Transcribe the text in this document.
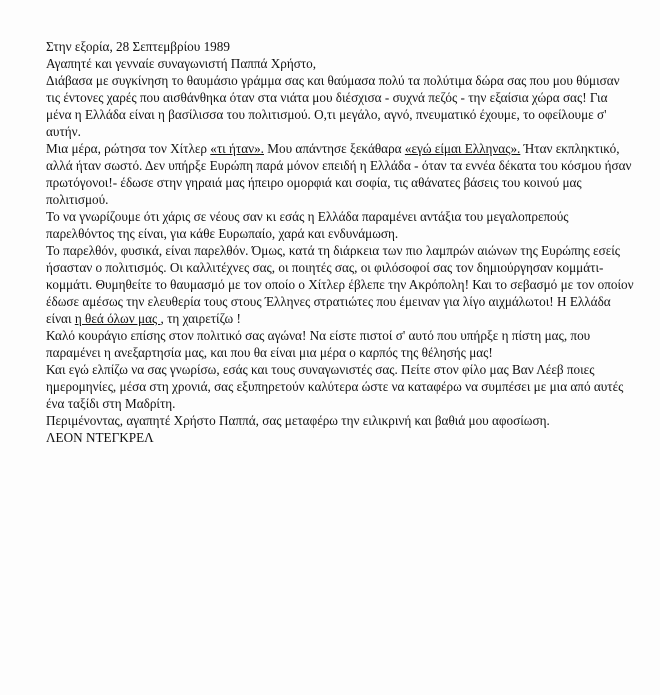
Στην εξορία, 28 Σεπτεμβρίου 1989

Αγαπητέ και γενναίε συναγωνιστή Παππά Χρήστο,

Διάβασα με συγκίνηση το θαυμάσιο γράμμα σας και θαύμασα πολύ τα πολύτιμα δώρα σας που μου θύμισαν τις έντονες χαρές που αισθάνθηκα όταν στα νιάτα μου διέσχισα - συχνά πεζός - την εξαίσια χώρα σας! Για μένα η Ελλάδα είναι η βασίλισσα του πολιτισμού. Ο,τι μεγάλο, αγνό, πνευματικό έχουμε, το οφείλουμε σ' αυτήν.

Μια μέρα, ρώτησα τον Χίτλερ «τι ήταν». Μου απάντησε ξεκάθαρα «εγώ είμαι Ελληνας». Ήταν εκπληκτικό, αλλά ήταν σωστό. Δεν υπήρξε Ευρώπη παρά μόνον επειδή η Ελλάδα - όταν τα εννέα δέκατα του κόσμου ήσαν πρωτόγονοι!- έδωσε στην γηραιά μας ήπειρο ομορφιά και σοφία, τις αθάνατες βάσεις του κοινού μας πολιτισμού.

Το να γνωρίζουμε ότι χάρις σε νέους σαν κι εσάς η Ελλάδα παραμένει αντάξια του μεγαλοπρεπούς παρελθόντος της είναι, για κάθε Ευρωπαίο, χαρά και ενδυνάμωση.

Το παρελθόν, φυσικά, είναι παρελθόν. Όμως, κατά τη διάρκεια των πιο λαμπρών αιώνων της Ευρώπης εσείς ήσασταν ο πολιτισμός. Οι καλλιτέχνες σας, οι ποιητές σας, οι φιλόσοφοί σας τον δημιούργησαν κομμάτι-κομμάτι. Θυμηθείτε το θαυμασμό με τον οποίο ο Χίτλερ έβλεπε την Ακρόπολη! Και το σεβασμό με τον οποίον έδωσε αμέσως την ελευθερία τους στους Έλληνες στρατιώτες που έμειναν για λίγο αιχμάλωτοι! Η Ελλάδα είναι η θεά όλων μας , τη χαιρετίζω !

Καλό κουράγιο επίσης στον πολιτικό σας αγώνα! Να είστε πιστοί σ' αυτό που υπήρξε η πίστη μας, που παραμένει η ανεξαρτησία μας, και που θα είναι μια μέρα ο καρπός της θέλησής μας!

Και εγώ ελπίζω να σας γνωρίσω, εσάς και τους συναγωνιστές σας. Πείτε στον φίλο μας Βαν Λέεβ ποιες ημερομηνίες, μέσα στη χρονιά, σας εξυπηρετούν καλύτερα ώστε να καταφέρω να συμπέσει με μια από αυτές ένα ταξίδι στη Μαδρίτη.

Περιμένοντας, αγαπητέ Χρήστο Παππά, σας μεταφέρω την ειλικρινή και βαθιά μου αφοσίωση.

ΛΕΟΝ ΝΤΕΓΚΡΕΛ
